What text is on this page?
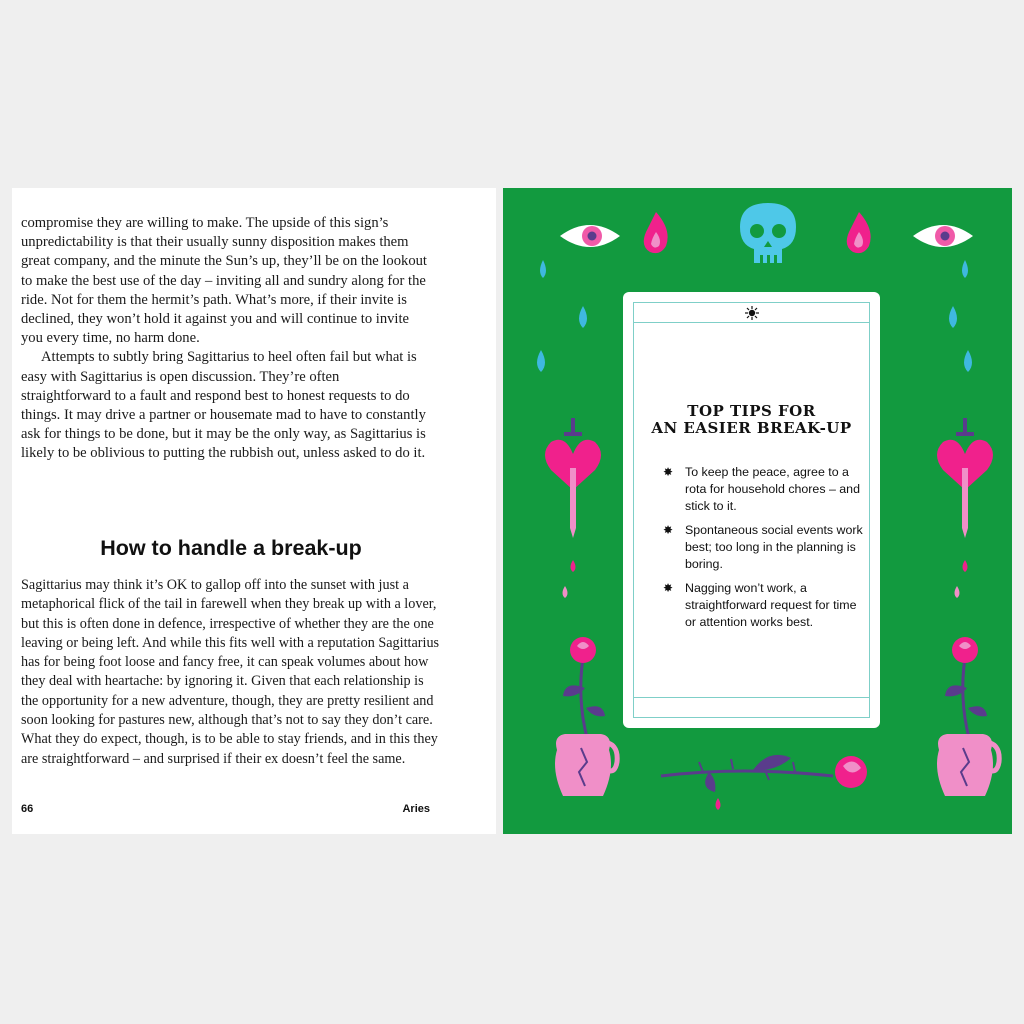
compromise they are willing to make. The upside of this sign’s unpredictability is that their usually sunny disposition makes them great company, and the minute the Sun’s up, they’ll be on the lookout to make the best use of the day – inviting all and sundry along for the ride. Not for them the hermit’s path. What’s more, if their invite is declined, they won’t hold it against you and will continue to invite you every time, no harm done.

Attempts to subtly bring Sagittarius to heel often fail but what is easy with Sagittarius is open discussion. They’re often straightforward to a fault and respond best to honest requests to do things. It may drive a partner or housemate mad to have to constantly ask for things to be done, but it may be the only way, as Sagittarius is likely to be oblivious to putting the rubbish out, unless asked to do it.

How to handle a break-up

Sagittarius may think it’s OK to gallop off into the sunset with just a metaphorical flick of the tail in farewell when they break up with a lover, but this is often done in defence, irrespective of whether they are the one leaving or being left. And while this fits well with a reputation Sagittarius has for being foot loose and fancy free, it can speak volumes about how they deal with heartache: by ignoring it. Given that each relationship is the opportunity for a new adventure, though, they are pretty resilient and soon looking for pastures new, although that’s not to say they don’t care. What they do expect, though, is to be able to stay friends, and in this they are straightforward – and surprised if their ex doesn’t feel the same.

66	Aries
TOP TIPS FOR
AN EASIER BREAK-UP
✸ To keep the peace, agree to a rota for household chores – and stick to it.
✸ Spontaneous social events work best; too long in the planning is boring.
✸ Nagging won’t work, a straightforward request for time or attention works best.
